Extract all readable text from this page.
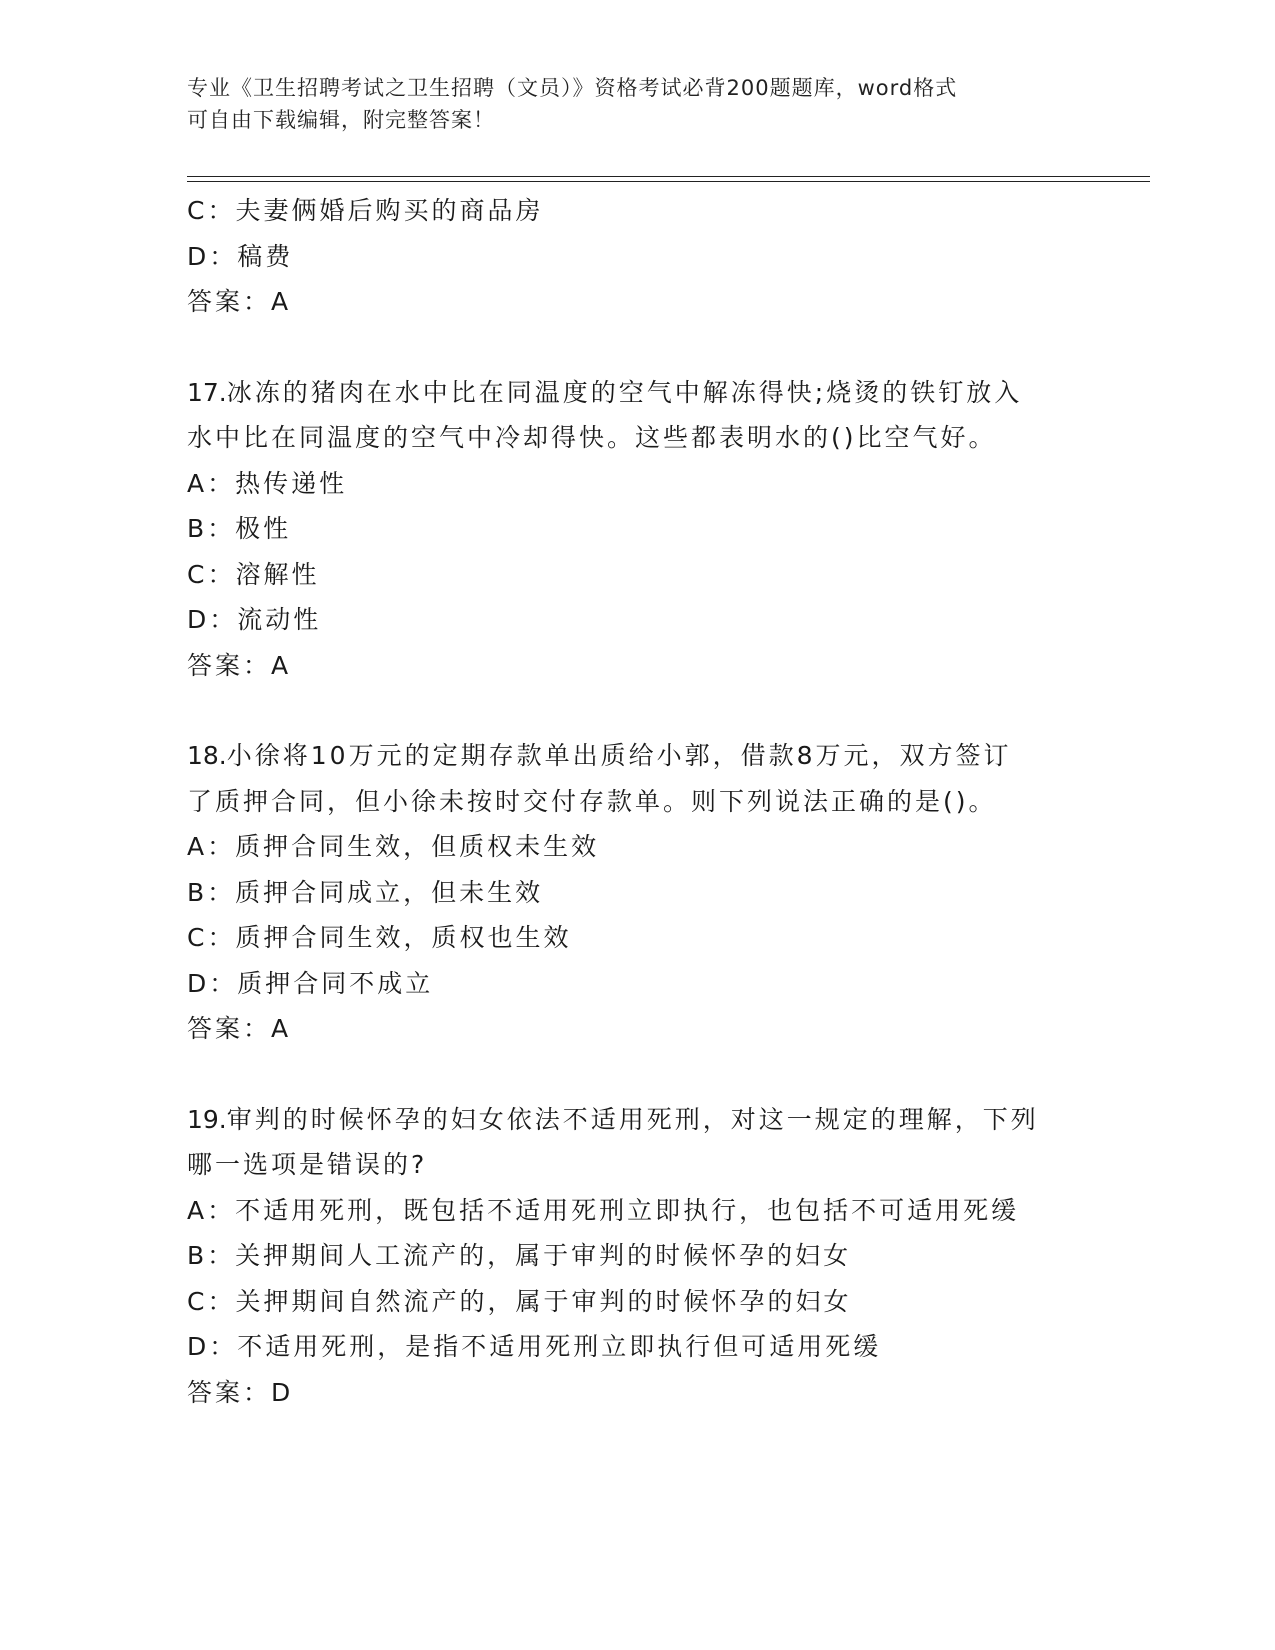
专业《卫生招聘考试之卫生招聘（文员）》资格考试必背200题题库，word格式
可自由下载编辑，附完整答案！
C：夫妻俩婚后购买的商品房
D：稿费
答案：A
17.冰冻的猪肉在水中比在同温度的空气中解冻得快;烧烫的铁钉放入
水中比在同温度的空气中冷却得快。这些都表明水的()比空气好。
A：热传递性
B：极性
C：溶解性
D：流动性
答案：A
18.小徐将10万元的定期存款单出质给小郭，借款8万元，双方签订
了质押合同，但小徐未按时交付存款单。则下列说法正确的是()。
A：质押合同生效，但质权未生效
B：质押合同成立，但未生效
C：质押合同生效，质权也生效
D：质押合同不成立
答案：A
19.审判的时候怀孕的妇女依法不适用死刑，对这一规定的理解，下列
哪一选项是错误的?
A：不适用死刑，既包括不适用死刑立即执行，也包括不可适用死缓
B：关押期间人工流产的，属于审判的时候怀孕的妇女
C：关押期间自然流产的，属于审判的时候怀孕的妇女
D：不适用死刑，是指不适用死刑立即执行但可适用死缓
答案：D
